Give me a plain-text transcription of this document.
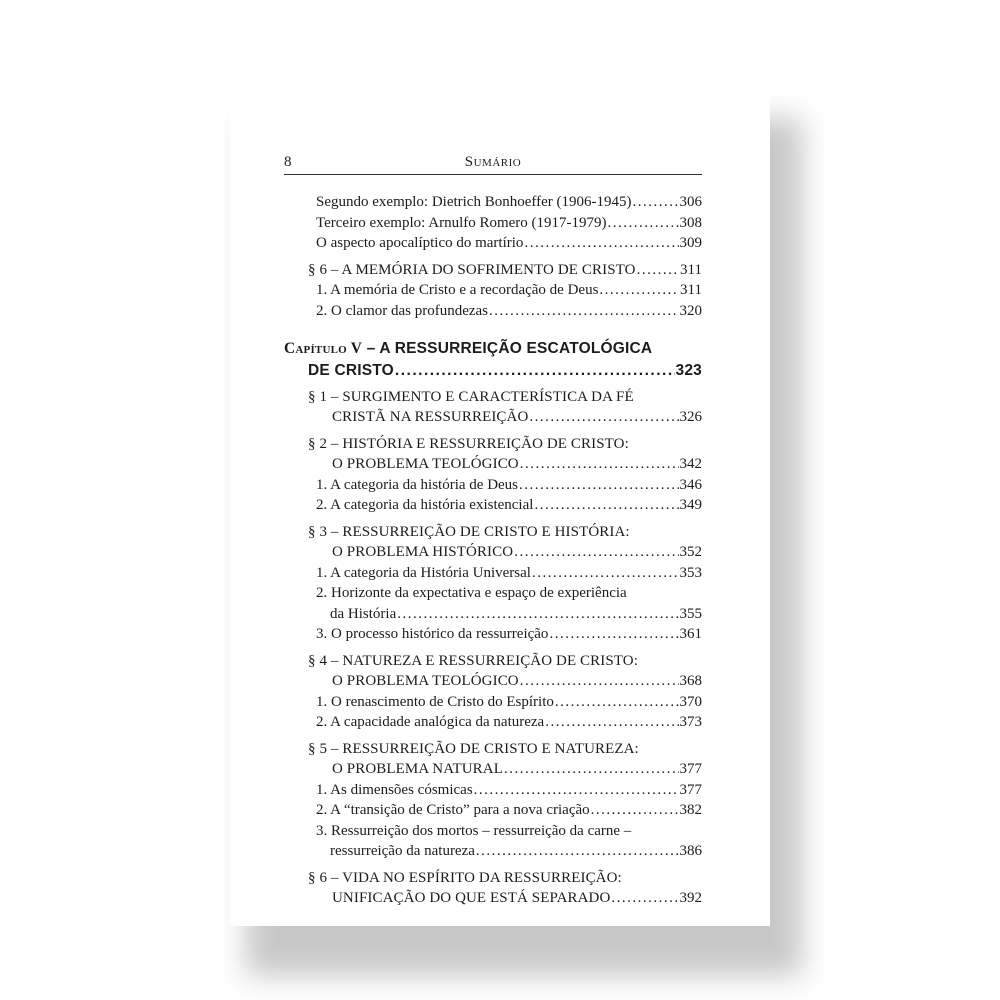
8	Sumário
Segundo exemplo: Dietrich Bonhoeffer (1906-1945) .....	306
Terceiro exemplo: Arnulfo Romero (1917-1979) .....	308
O aspecto apocalíptico do martírio .....	309
§ 6 – A MEMÓRIA DO SOFRIMENTO DE CRISTO .....	311
1. A memória de Cristo e a recordação de Deus .....	311
2. O clamor das profundezas .....	320
Capítulo V – A RESSURREIÇÃO ESCATOLÓGICA
DE CRISTO .....	323
§ 1 – SURGIMENTO E CARACTERÍSTICA DA FÉ
CRISTÃ NA RESSURREIÇÃO .....	326
§ 2 – HISTÓRIA E RESSURREIÇÃO DE CRISTO:
O PROBLEMA TEOLÓGICO .....	342
1. A categoria da história de Deus .....	346
2. A categoria da história existencial .....	349
§ 3 – RESSURREIÇÃO DE CRISTO E HISTÓRIA:
O PROBLEMA HISTÓRICO .....	352
1. A categoria da História Universal .....	353
2. Horizonte da expectativa e espaço de experiência
da História .....	355
3. O processo histórico da ressurreição .....	361
§ 4 – NATUREZA E RESSURREIÇÃO DE CRISTO:
O PROBLEMA TEOLÓGICO .....	368
1. O renascimento de Cristo do Espírito .....	370
2. A capacidade analógica da natureza .....	373
§ 5 – RESSURREIÇÃO DE CRISTO E NATUREZA:
O PROBLEMA NATURAL .....	377
1. As dimensões cósmicas .....	377
2. A “transição de Cristo” para a nova criação .....	382
3. Ressurreição dos mortos – ressurreição da carne –
ressurreição da natureza .....	386
§ 6 – VIDA NO ESPÍRITO DA RESSURREIÇÃO:
UNIFICAÇÃO DO QUE ESTÁ SEPARADO .....	392
